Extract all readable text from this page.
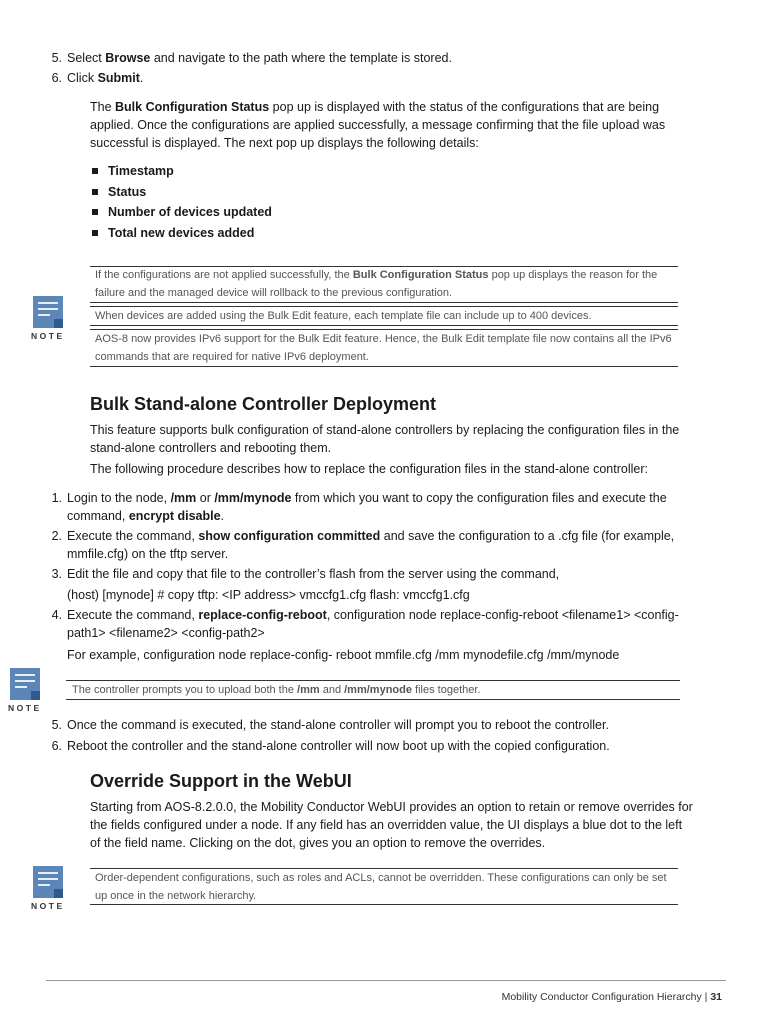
5. Select Browse and navigate to the path where the template is stored.
6. Click Submit.
The Bulk Configuration Status pop up is displayed with the status of the configurations that are being applied. Once the configurations are applied successfully, a message confirming that the file upload was successful is displayed. The next pop up displays the following details:
Timestamp
Status
Number of devices updated
Total new devices added
NOTE
If the configurations are not applied successfully, the Bulk Configuration Status pop up displays the reason for the failure and the managed device will rollback to the previous configuration.
When devices are added using the Bulk Edit feature, each template file can include up to 400 devices.
AOS-8 now provides IPv6 support for the Bulk Edit feature. Hence, the Bulk Edit template file now contains all the IPv6 commands that are required for native IPv6 deployment.
Bulk Stand-alone Controller Deployment
This feature supports bulk configuration of stand-alone controllers by replacing the configuration files in the stand-alone controllers and rebooting them.
The following procedure describes how to replace the configuration files in the stand-alone controller:
1. Login to the node, /mm or /mm/mynode from which you want to copy the configuration files and execute the command, encrypt disable.
2. Execute the command, show configuration committed and save the configuration to a .cfg file (for example, mmfile.cfg) on the tftp server.
3. Edit the file and copy that file to the controller’s flash from the server using the command,
(host) [mynode] # copy tftp: <IP address> vmccfg1.cfg flash: vmccfg1.cfg
4. Execute the command, replace-config-reboot, configuration node replace-config-reboot <filename1> <config-path1> <filename2> <config-path2>
For example, configuration node replace-config- reboot mmfile.cfg /mm mynodefile.cfg /mm/mynode
NOTE
The controller prompts you to upload both the /mm and /mm/mynode files together.
5. Once the command is executed, the stand-alone controller will prompt you to reboot the controller.
6. Reboot the controller and the stand-alone controller will now boot up with the copied configuration.
Override Support in the WebUI
Starting from AOS-8.2.0.0, the Mobility Conductor WebUI provides an option to retain or remove overrides for the fields configured under a node. If any field has an overridden value, the UI displays a blue dot to the left of the field name. Clicking on the dot, gives you an option to remove the overrides.
NOTE
Order-dependent configurations, such as roles and ACLs, cannot be overridden. These configurations can only be set up once in the network hierarchy.
Mobility Conductor Configuration Hierarchy | 31
